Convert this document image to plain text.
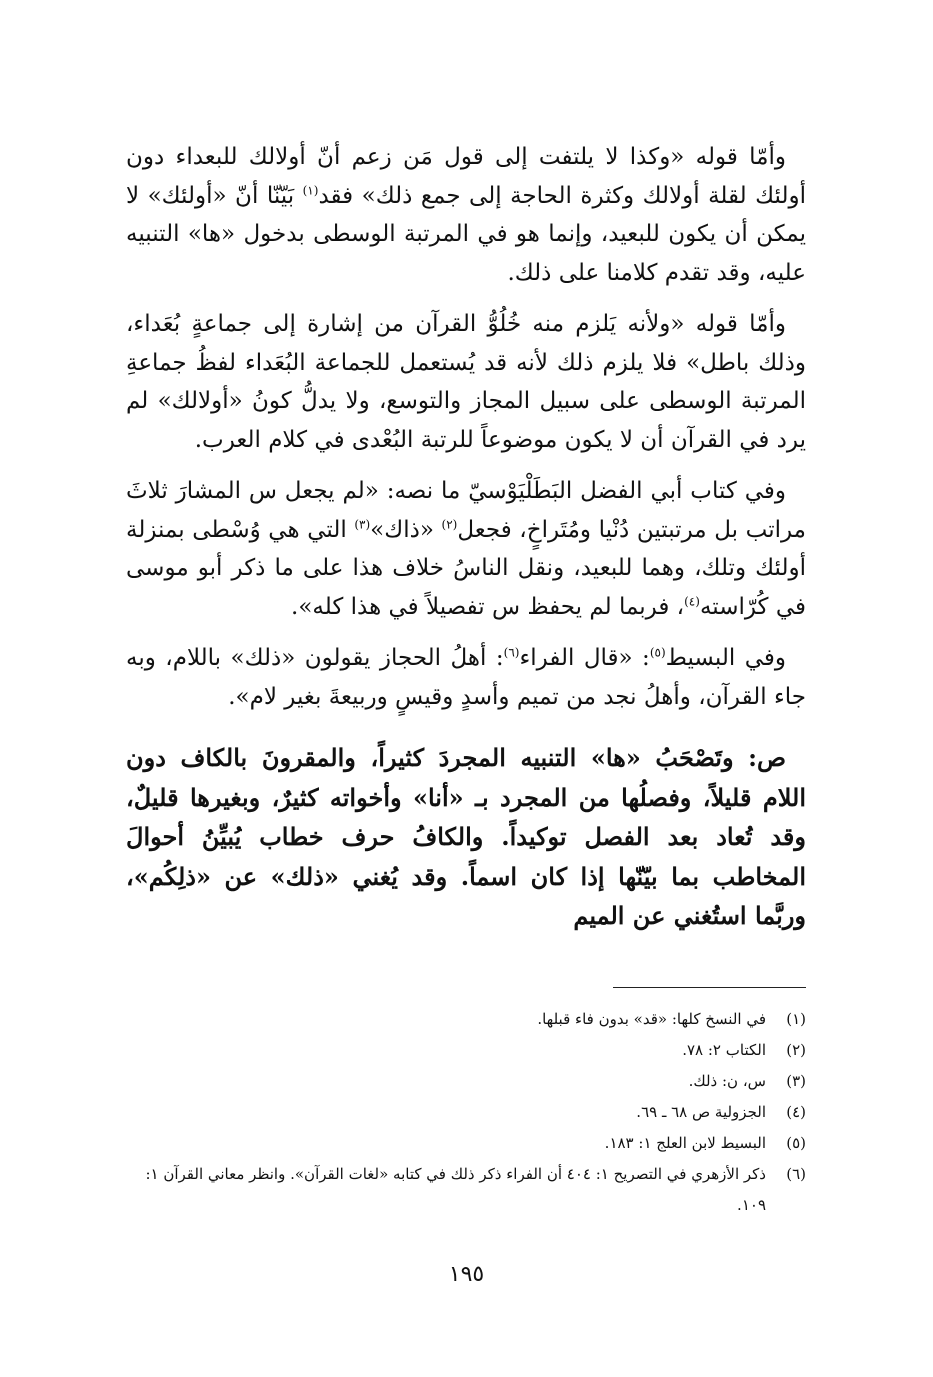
وأمّا قوله «وكذا لا يلتفت إلى قول مَن زعم أنّ أولالك للبعداء دون أولئك لقلة أولالك وكثرة الحاجة إلى جمع ذلك» فقد$^{(١)}$ بَيّنّا أنّ «أولئك» لا يمكن أن يكون للبعيد، وإنما هو في المرتبة الوسطى بدخول «ها» التنبيه عليه، وقد تقدم كلامنا على ذلك.

وأمّا قوله «ولأنه يَلزم منه خُلُوُّ القرآن من إشارة إلى جماعةٍ بُعَداء، وذلك باطل» فلا يلزم ذلك لأنه قد يُستعمل للجماعة البُعَداء لفظُ جماعةِ المرتبة الوسطى على سبيل المجاز والتوسع، ولا يدلُّ كونُ «أولالك» لم يرد في القرآن أن لا يكون موضوعاً للرتبة البُعْدى في كلام العرب.

وفي كتاب أبي الفضل البَطَلْيَوْسيّ ما نصه: «لم يجعل س المشارَ ثلاثَ مراتب بل مرتبتين دُنْيا ومُتَراخٍ، فجعل$^{(٢)}$ «ذاك»$^{(٣)}$ التي هي وُسْطى بمنزلة أولئك وتلك، وهما للبعيد، ونقل الناسُ خلاف هذا على ما ذكر أبو موسى في كُرّاسته$^{(٤)}$، فربما لم يحفظ س تفصيلاً في هذا كله».

وفي البسيط$^{(٥)}$: «قال الفراء$^{(٦)}$: أهلُ الحجاز يقولون «ذلك» باللام، وبه جاء القرآن، وأهلُ نجد من تميم وأسدٍ وقيسٍ وربيعةَ بغير لام».

ص: وتَصْحَبُ «ها» التنبيه المجردَ كثيراً، والمقرونَ بالكاف دون اللام قليلاً، وفصلُها من المجرد بـ «أنا» وأخواته كثيرٌ، وبغيرها قليلٌ، وقد تُعاد بعد الفصل توكيداً. والكافُ حرف خطاب يُبيِّنُ أحوالَ المخاطب بما بيّنّها إذا كان اسماً. وقد يُغني «ذلك» عن «ذلِكُم»، وربَّما استُغني عن الميم

(١)
في النسخ كلها: «قد» بدون فاء قبلها.
(٢)
الكتاب ٢: ٧٨.
(٣)
س، ن: ذلك.
(٤)
الجزولية ص ٦٨ ـ ٦٩.
(٥)
البسيط لابن العلج ١: ١٨٣.
(٦)
ذكر الأزهري في التصريح ١: ٤٠٤ أن الفراء ذكر ذلك في كتابه «لغات القرآن». وانظر معاني القرآن ١: ١٠٩.
١٩٥
